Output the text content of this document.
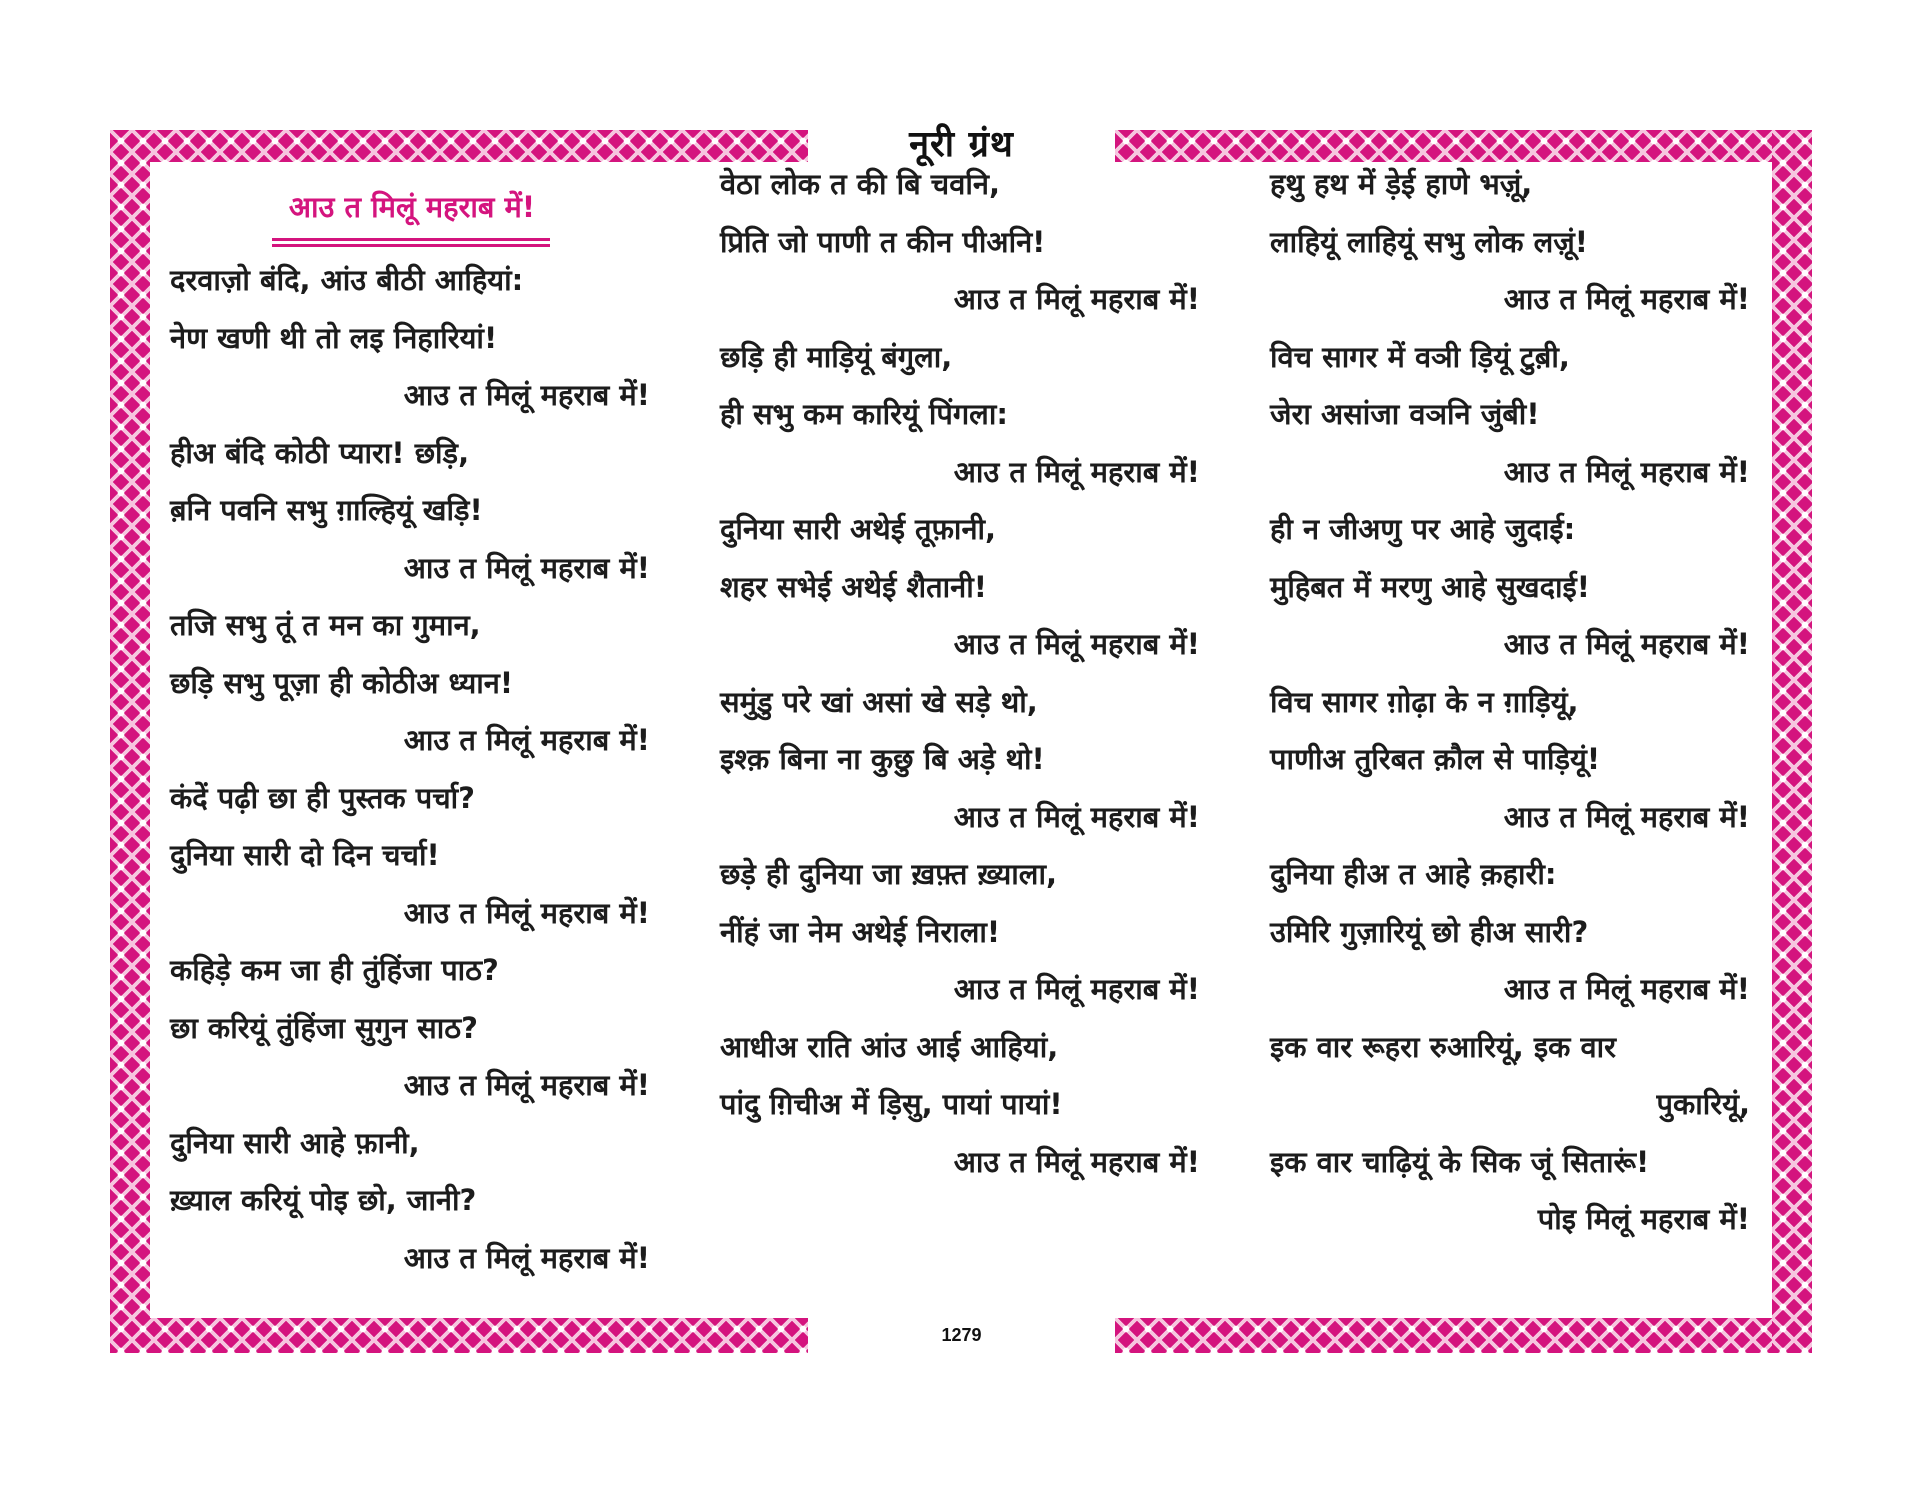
नूरी ग्रंथ
1279
आउ त मिलूं महराब में!
दरवाज़ो बंदि, आंउ बीठी आहियां:
नेण खणी थी तो लइ निहारियां!
आउ त मिलूं महराब में!
हीअ बंदि कोठी प्यारा! छड़ि,
ब़नि पवनि सभु ग़ाल्हियूं खड़ि!
आउ त मिलूं महराब में!
तजि सभु तूं त मन का गुमान,
छड़ि सभु पूज़ा ही कोठीअ ध्यान!
आउ त मिलूं महराब में!
कंदें पढ़ी छा ही पुस्तक पर्चा?
दुनिया सारी दो दिन चर्चा!
आउ त मिलूं महराब में!
कहिड़े कम जा ही तुंहिंजा पाठ?
छा करियूं तुंहिंजा सुगुन साठ?
आउ त मिलूं महराब में!
दुनिया सारी आहे फ़ानी,
ख़्याल करियूं पोइ छो, जानी?
आउ त मिलूं महराब में!
वेठा लोक त की बि चवनि,
प्रिति जो पाणी त कीन पीअनि!
आउ त मिलूं महराब में!
छड़ि ही माड़ियूं बंगुला,
ही सभु कम कारियूं पिंगला:
आउ त मिलूं महराब में!
दुनिया सारी अथेई तूफ़ानी,
शहर सभेई अथेई शैतानी!
आउ त मिलूं महराब में!
समुंडु परे खां असां खे सड़े थो,
इश्क़ बिना ना कुछु बि अड़े थो!
आउ त मिलूं महराब में!
छड़े ही दुनिया जा ख़फ़्त ख़्याला,
नींहं जा नेम अथेई निराला!
आउ त मिलूं महराब में!
आधीअ राति आंउ आई आहियां,
पांदु ग़िचीअ में ड़िसु, पायां पायां!
आउ त मिलूं महराब में!
हथु हथ में ड़ेई हाणे भज़ूं,
लाहियूं लाहियूं सभु लोक लज़ूं!
आउ त मिलूं महराब में!
विच सागर में वञी ड़ियूं टुब़ी,
जेरा असांजा वञनि जुंबी!
आउ त मिलूं महराब में!
ही न जीअणु पर आहे जुदाई:
मुहिबत में मरणु आहे सुखदाई!
आउ त मिलूं महराब में!
विच सागर ग़ोढ़ा के न ग़ाड़ियूं,
पाणीअ तुरिबत क़ौल से पाड़ियूं!
आउ त मिलूं महराब में!
दुनिया हीअ त आहे क़हारी:
उमिरि गुज़ारियूं छो हीअ सारी?
आउ त मिलूं महराब में!
इक वार रूहरा रुआरियूं, इक वार
पुकारियूं,
इक वार चाढ़ियूं के सिक जूं सितारूं!
पोइ मिलूं महराब में!
